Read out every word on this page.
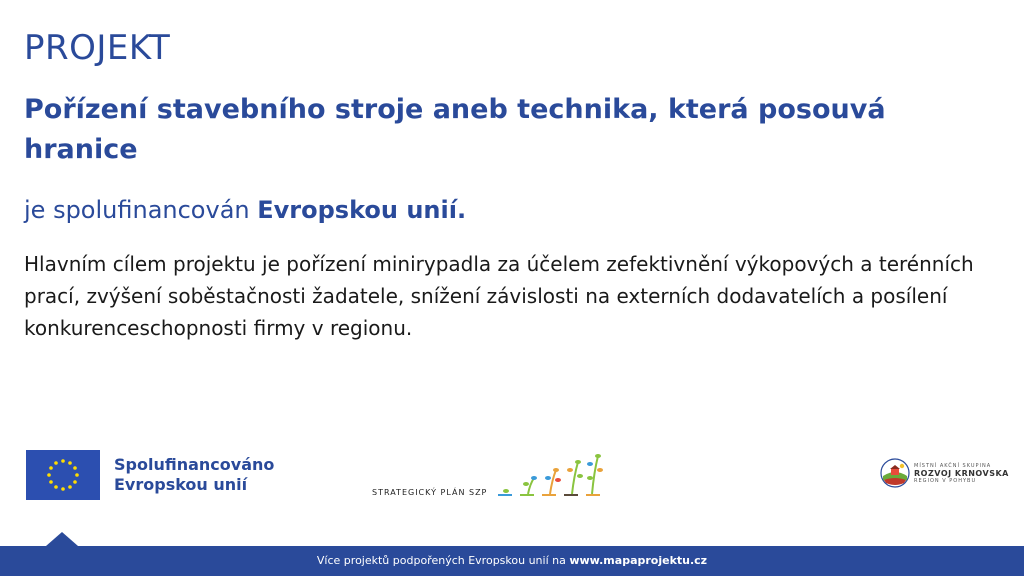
PROJEKT
Pořízení stavebního stroje aneb technika, která posouvá hranice
je spolufinancován Evropskou unií.
Hlavním cílem projektu je pořízení minirypadla za účelem zefektivnění výkopových a terénních prací, zvýšení soběstačnosti žadatele, snížení závislosti na externích dodavatelích a posílení konkurenceschopnosti firmy v regionu.
Spolufinancováno
Evropskou unií	STRATEGICKÝ PLÁN SZP
MÍSTNÍ AKČNÍ SKUPINA
ROZVOJ KRNOVSKA
REGION V POHYBU
Více projektů podpořených Evropskou unií na www.mapaprojektu.cz
